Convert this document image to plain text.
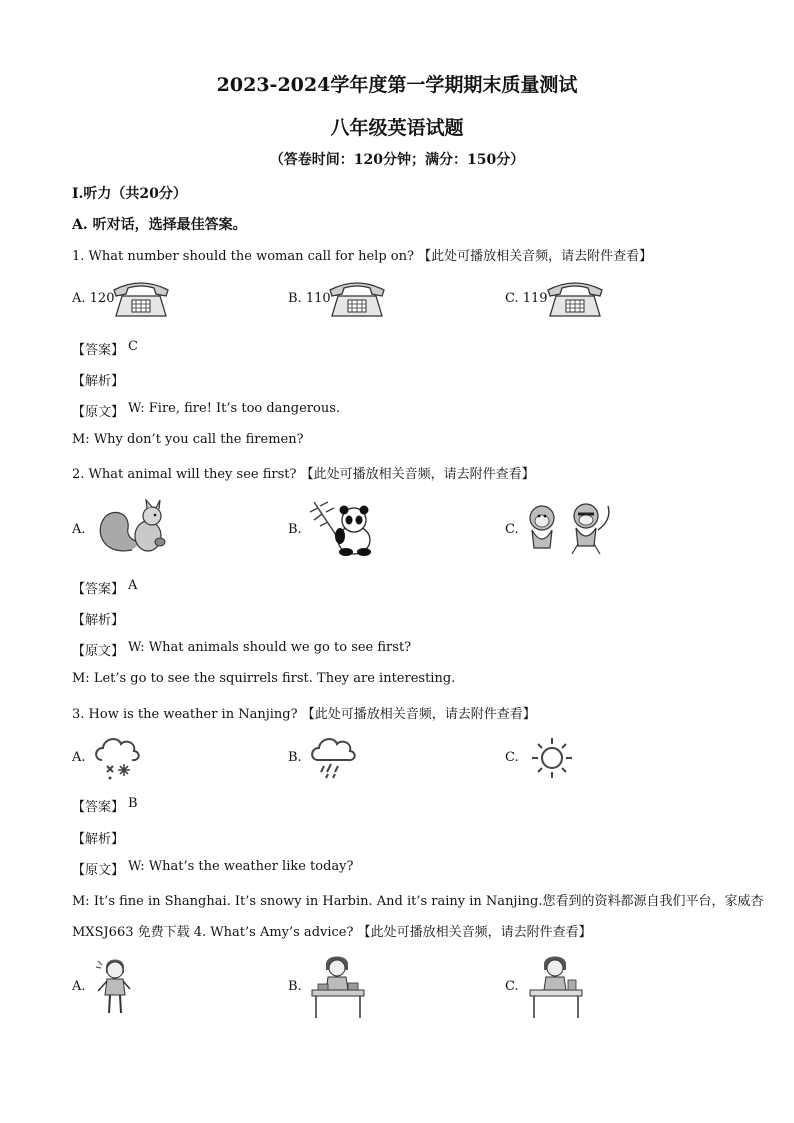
2023-2024学年度第一学期期末质量测试
八年级英语试题
（答卷时间：120分钟；满分：150分）
Ⅰ.听力（共20分）
A. 听对话，选择最佳答案。
1. What number should the woman call for help on? 【此处可播放相关音频，请去附件查看】
A. 120	B. 110	C. 119
【答案】 C
【解析】
【原文】 W: Fire, fire! It’s too dangerous.
M: Why don’t you call the firemen?
2. What animal will they see first? 【此处可播放相关音频，请去附件查看】
A.	B.	C.
【答案】 A
【解析】
【原文】 W: What animals should we go to see first?
M: Let’s go to see the squirrels first. They are interesting.
3. How is the weather in Nanjing? 【此处可播放相关音频，请去附件查看】
A.	B.	C.
【答案】 B
【解析】
【原文】 W: What’s the weather like today?
M: It’s fine in Shanghai. It’s snowy in Harbin. And it’s rainy in Nanjing.您看到的资料都源自我们平台，家威杏
MXSJ663 免费下载 4. What’s Amy’s advice? 【此处可播放相关音频，请去附件查看】
A.	B.	C.
